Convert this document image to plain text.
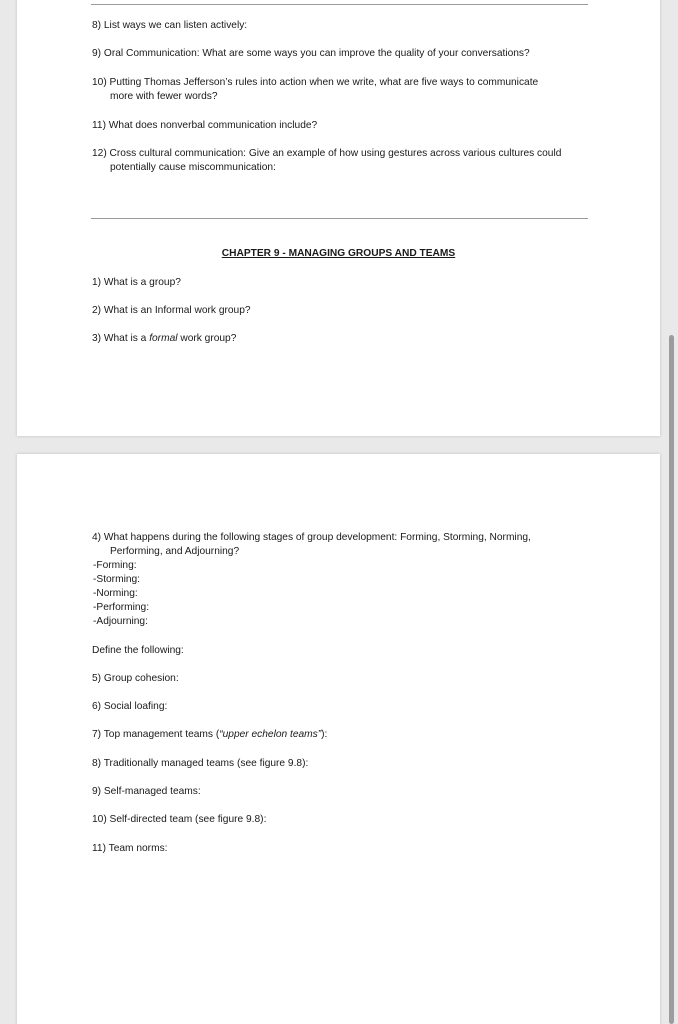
8) List ways we can listen actively:
9) Oral Communication: What are some ways you can improve the quality of your conversations?
10) Putting Thomas Jefferson’s rules into action when we write, what are five ways to communicate
more with fewer words?
11) What does nonverbal communication include?
12) Cross cultural communication: Give an example of how using gestures across various cultures could
potentially cause miscommunication:
CHAPTER 9 - MANAGING GROUPS AND TEAMS
1) What is a group?
2) What is an Informal work group?
3) What is a formal work group?
4) What happens during the following stages of group development: Forming, Storming, Norming,
Performing, and Adjourning?
-Forming:
-Storming:
-Norming:
-Performing:
-Adjourning:
Define the following:
5) Group cohesion:
6) Social loafing:
7) Top management teams (“upper echelon teams”):
8) Traditionally managed teams (see figure 9.8):
9) Self-managed teams:
10) Self-directed team (see figure 9.8):
11) Team norms:
